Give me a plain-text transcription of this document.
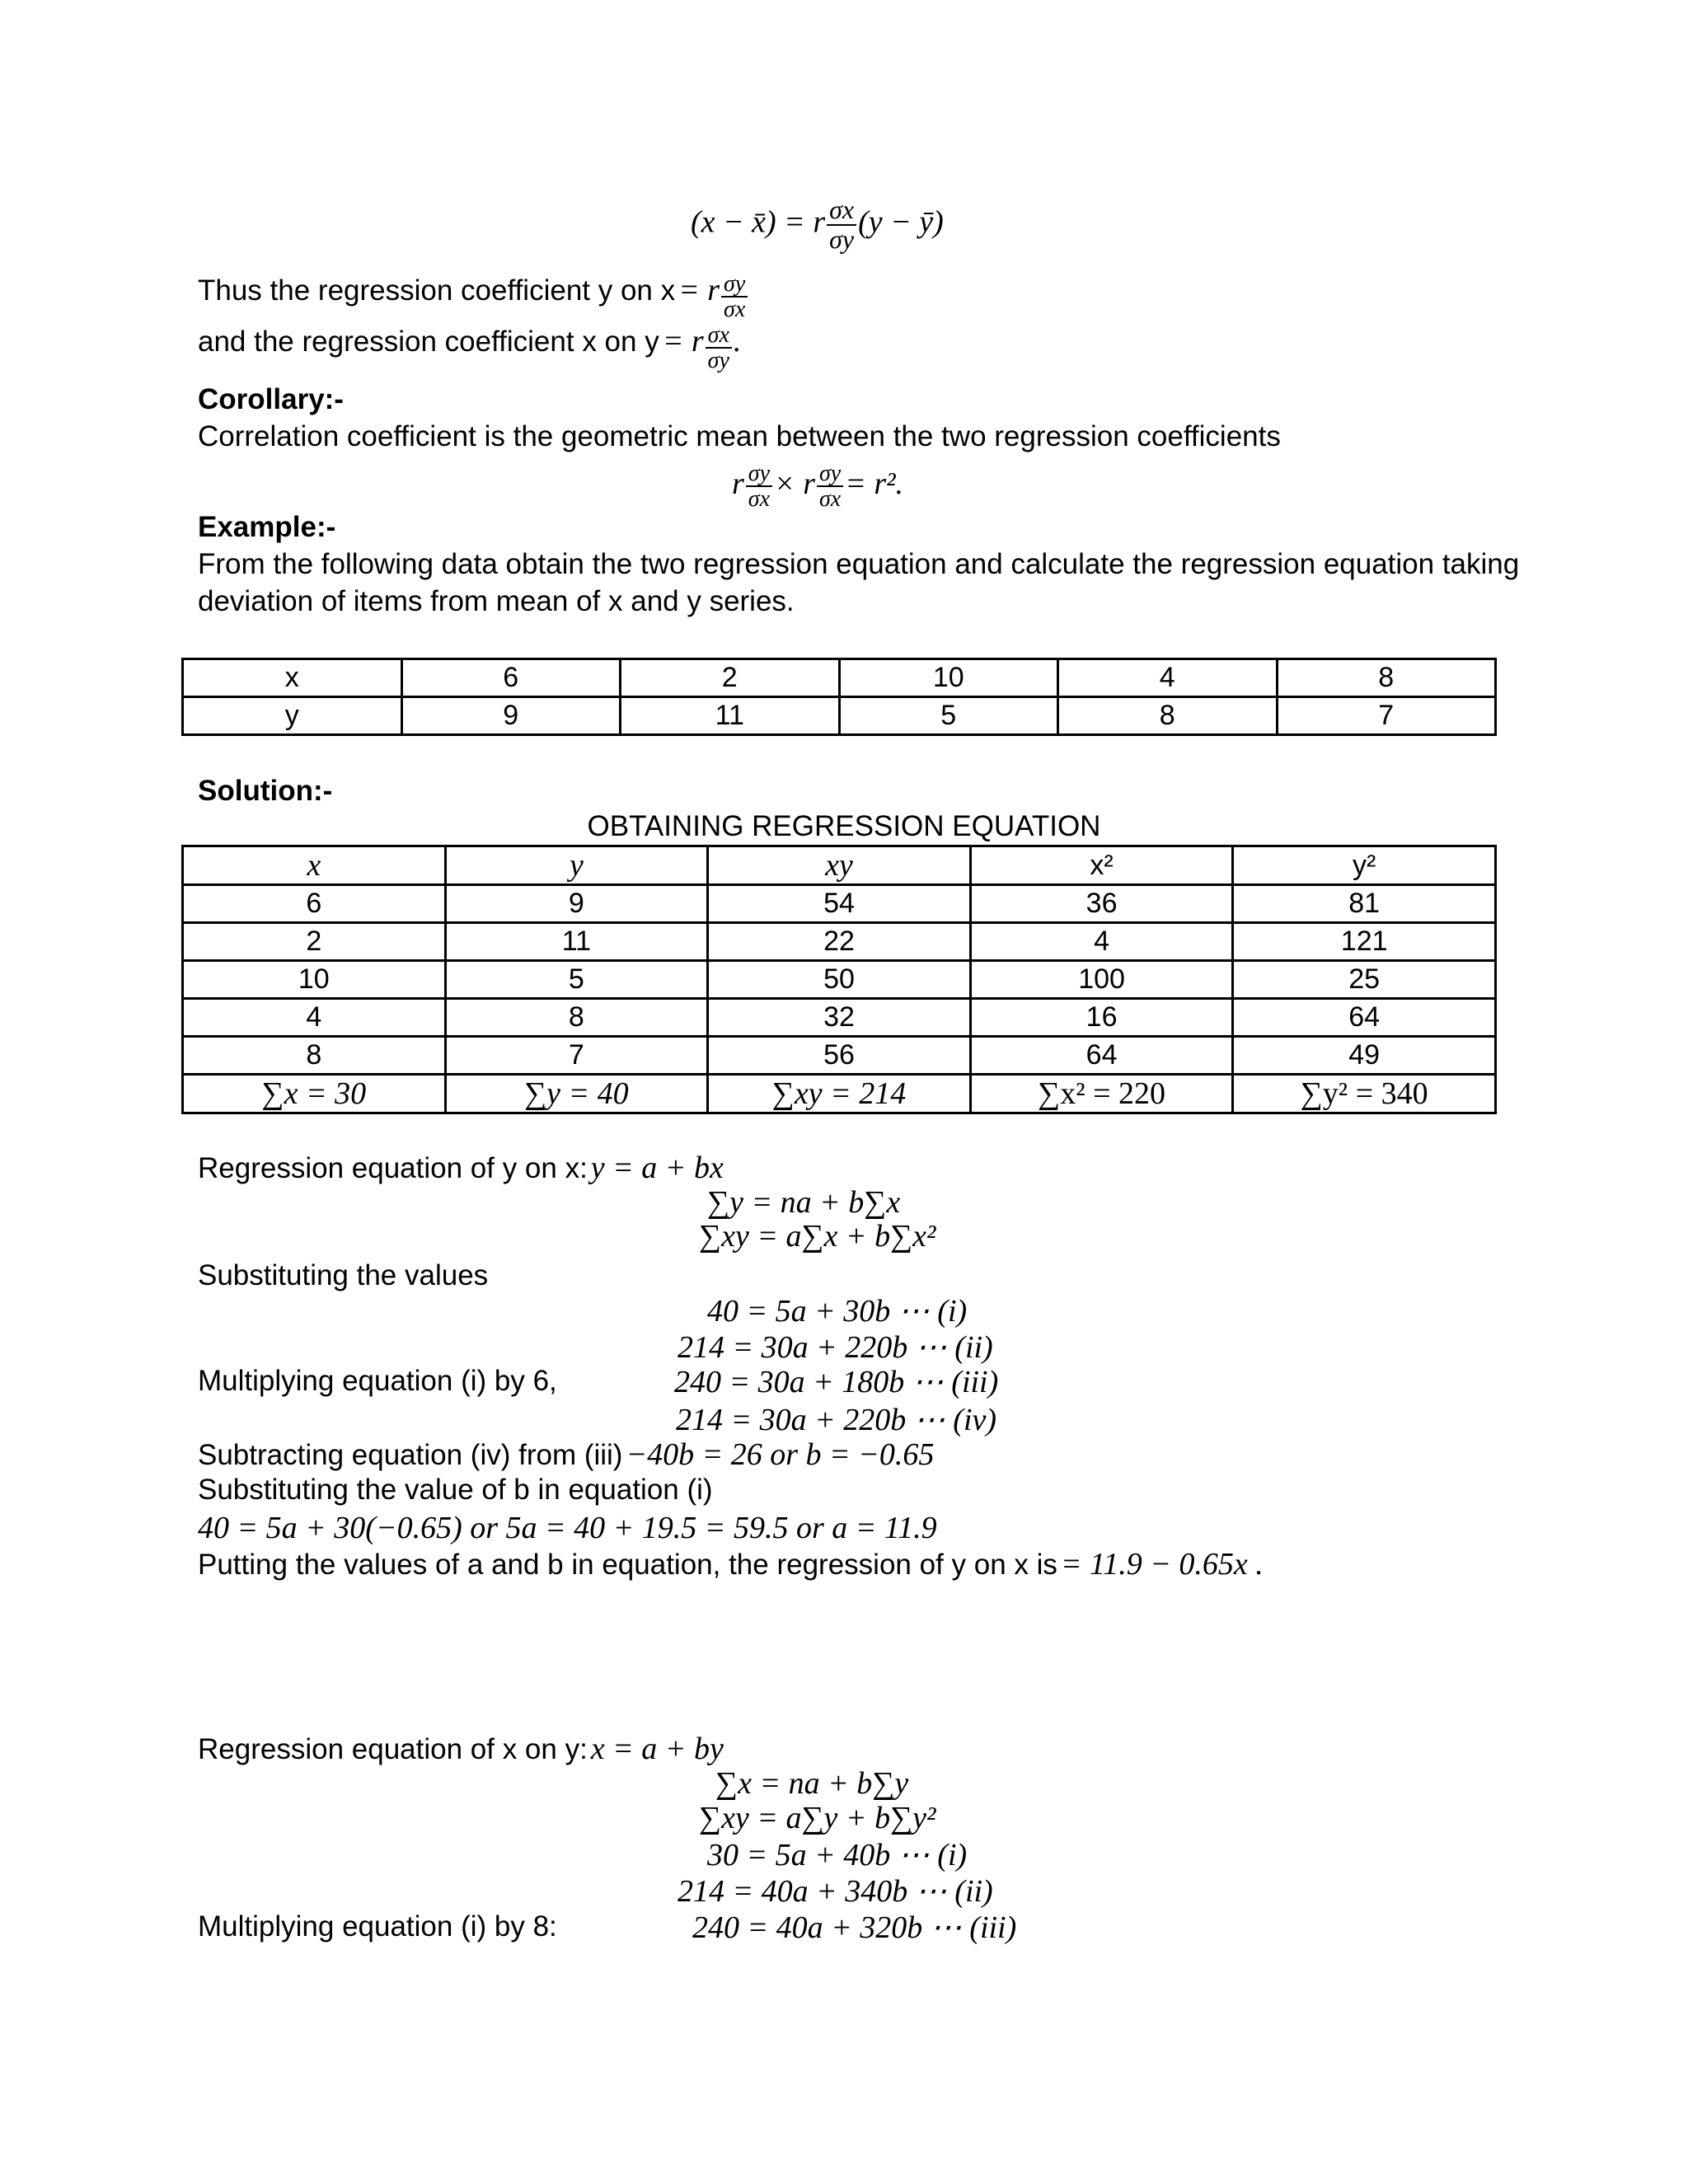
(x − x̄) = r $\frac{\sigma x}{\sigma y} (y$ − ȳ)
Thus the regression coefficient y on x = r $\frac{\sigma y}{\sigma x}$
and the regression coefficient x on y = r $\frac{\sigma x}{\sigma y}$ .
Corollary:-
Correlation coefficient is the geometric mean between the two regression coefficients
r $\frac{\sigma y}{\sigma x} \times r \frac{\sigma y}{\sigma x} = r^2$.
Example:-
From the following data obtain the two regression equation and calculate the regression equation taking
deviation of items from mean of x and y series.
x	6	2	10	4	8
y	9	11	5	8	7
Solution:-
OBTAINING REGRESSION EQUATION
x	y	xy	x²	y²
6	9	54	36	81
2	11	22	4	121
10	5	50	100	25
4	8	32	16	64
8	7	56	64	49
∑x = 30	∑y = 40	∑xy = 214	∑x² = 220	∑y² = 340
Regression equation of y on x: y = a + bx
∑y = na + b∑x
∑xy = a∑x + b∑x²
Substituting the values
40 = 5a + 30b ⋯ (i)
214 = 30a + 220b ⋯ (ii)
Multiplying equation (i) by 6,	240 = 30a + 180b ⋯ (iii)
214 = 30a + 220b ⋯ (iv)
Subtracting equation (iv) from (iii) −40b = 26 or b = −0.65
Substituting the value of b in equation (i)
40 = 5a + 30(−0.65) or 5a = 40 + 19.5 = 59.5 or a = 11.9
Putting the values of a and b in equation, the regression of y on x is = 11.9 − 0.65x .
Regression equation of x on y: x = a + by
∑x = na + b∑y
∑xy = a∑y + b∑y²
30 = 5a + 40b ⋯ (i)
214 = 40a + 340b ⋯ (ii)
Multiplying equation (i) by 8:	240 = 40a + 320b ⋯ (iii)
